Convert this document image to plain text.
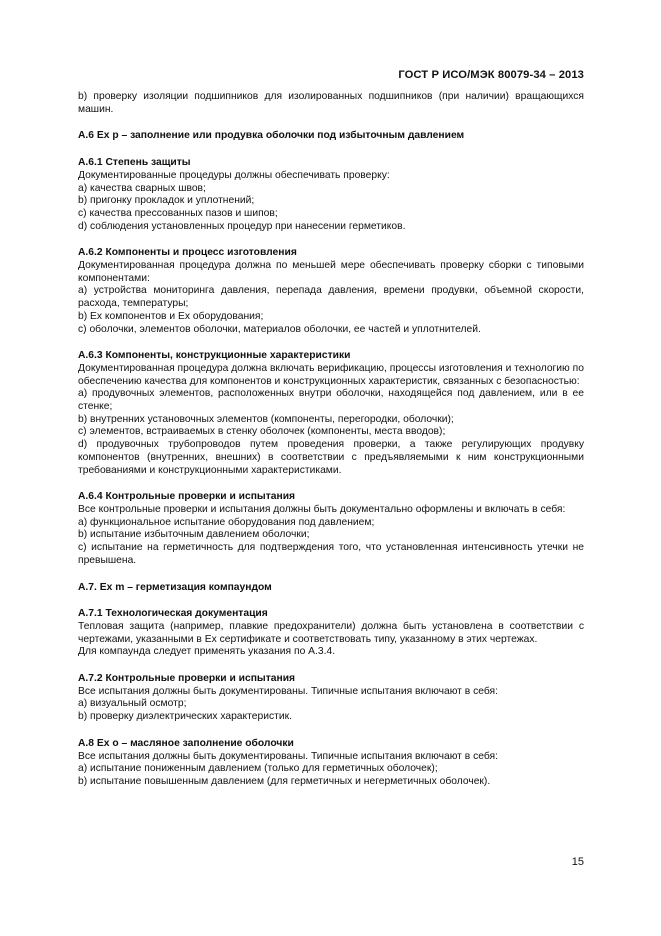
ГОСТ Р ИСО/МЭК 80079-34 – 2013

b) проверку изоляции подшипников для изолированных подшипников (при наличии) вращающихся машин.

А.6 Ex p – заполнение или продувка оболочки под избыточным давлением
А.6.1 Степень защиты

Документированные процедуры должны обеспечивать проверку:

a) качества сварных швов;

b) пригонку прокладок и уплотнений;

c) качества прессованных пазов и шипов;

d) соблюдения установленных процедур при нанесении герметиков.

А.6.2 Компоненты и процесс изготовления

Документированная процедура должна по меньшей мере обеспечивать проверку сборки с типовыми компонентами:

a) устройства мониторинга давления, перепада давления, времени продувки, объемной скорости, расхода, температуры;

b) Ex компонентов и Ex оборудования;

c) оболочки, элементов оболочки, материалов оболочки, ее частей и уплотнителей.

А.6.3 Компоненты, конструкционные характеристики

Документированная процедура должна включать верификацию, процессы изготовления и технологию по обеспечению качества для компонентов и конструкционных характеристик, связанных с безопасностью:

a) продувочных элементов, расположенных внутри оболочки, находящейся под давлением, или в ее стенке;

b) внутренних установочных элементов (компоненты, перегородки, оболочки);

c) элементов, встраиваемых в стенку оболочек (компоненты, места вводов);

d) продувочных трубопроводов путем проведения проверки, а также регулирующих продувку компонентов (внутренних, внешних) в соответствии с предъявляемыми к ним конструкционными требованиями и конструкционными характеристиками.

А.6.4 Контрольные проверки и испытания

Все контрольные проверки и испытания должны быть документально оформлены и включать в себя:

a) функциональное испытание оборудования под давлением;

b) испытание избыточным давлением оболочки;

c) испытание на герметичность для подтверждения того, что установленная интенсивность утечки не превышена.

А.7. Ex m – герметизация компаундом
А.7.1 Технологическая документация

Тепловая защита (например, плавкие предохранители) должна быть установлена в соответствии с чертежами, указанными в Ex сертификате и соответствовать типу, указанному в этих чертежах.

Для компаунда следует применять указания по А.3.4.

А.7.2 Контрольные проверки и испытания

Все испытания должны быть документированы. Типичные испытания включают в себя:

a) визуальный осмотр;

b) проверку диэлектрических характеристик.

А.8 Ex o – масляное заполнение оболочки

Все испытания должны быть документированы. Типичные испытания включают в себя:

a) испытание пониженным давлением (только для герметичных оболочек);

b) испытание повышенным давлением (для герметичных и негерметичных оболочек).

15
